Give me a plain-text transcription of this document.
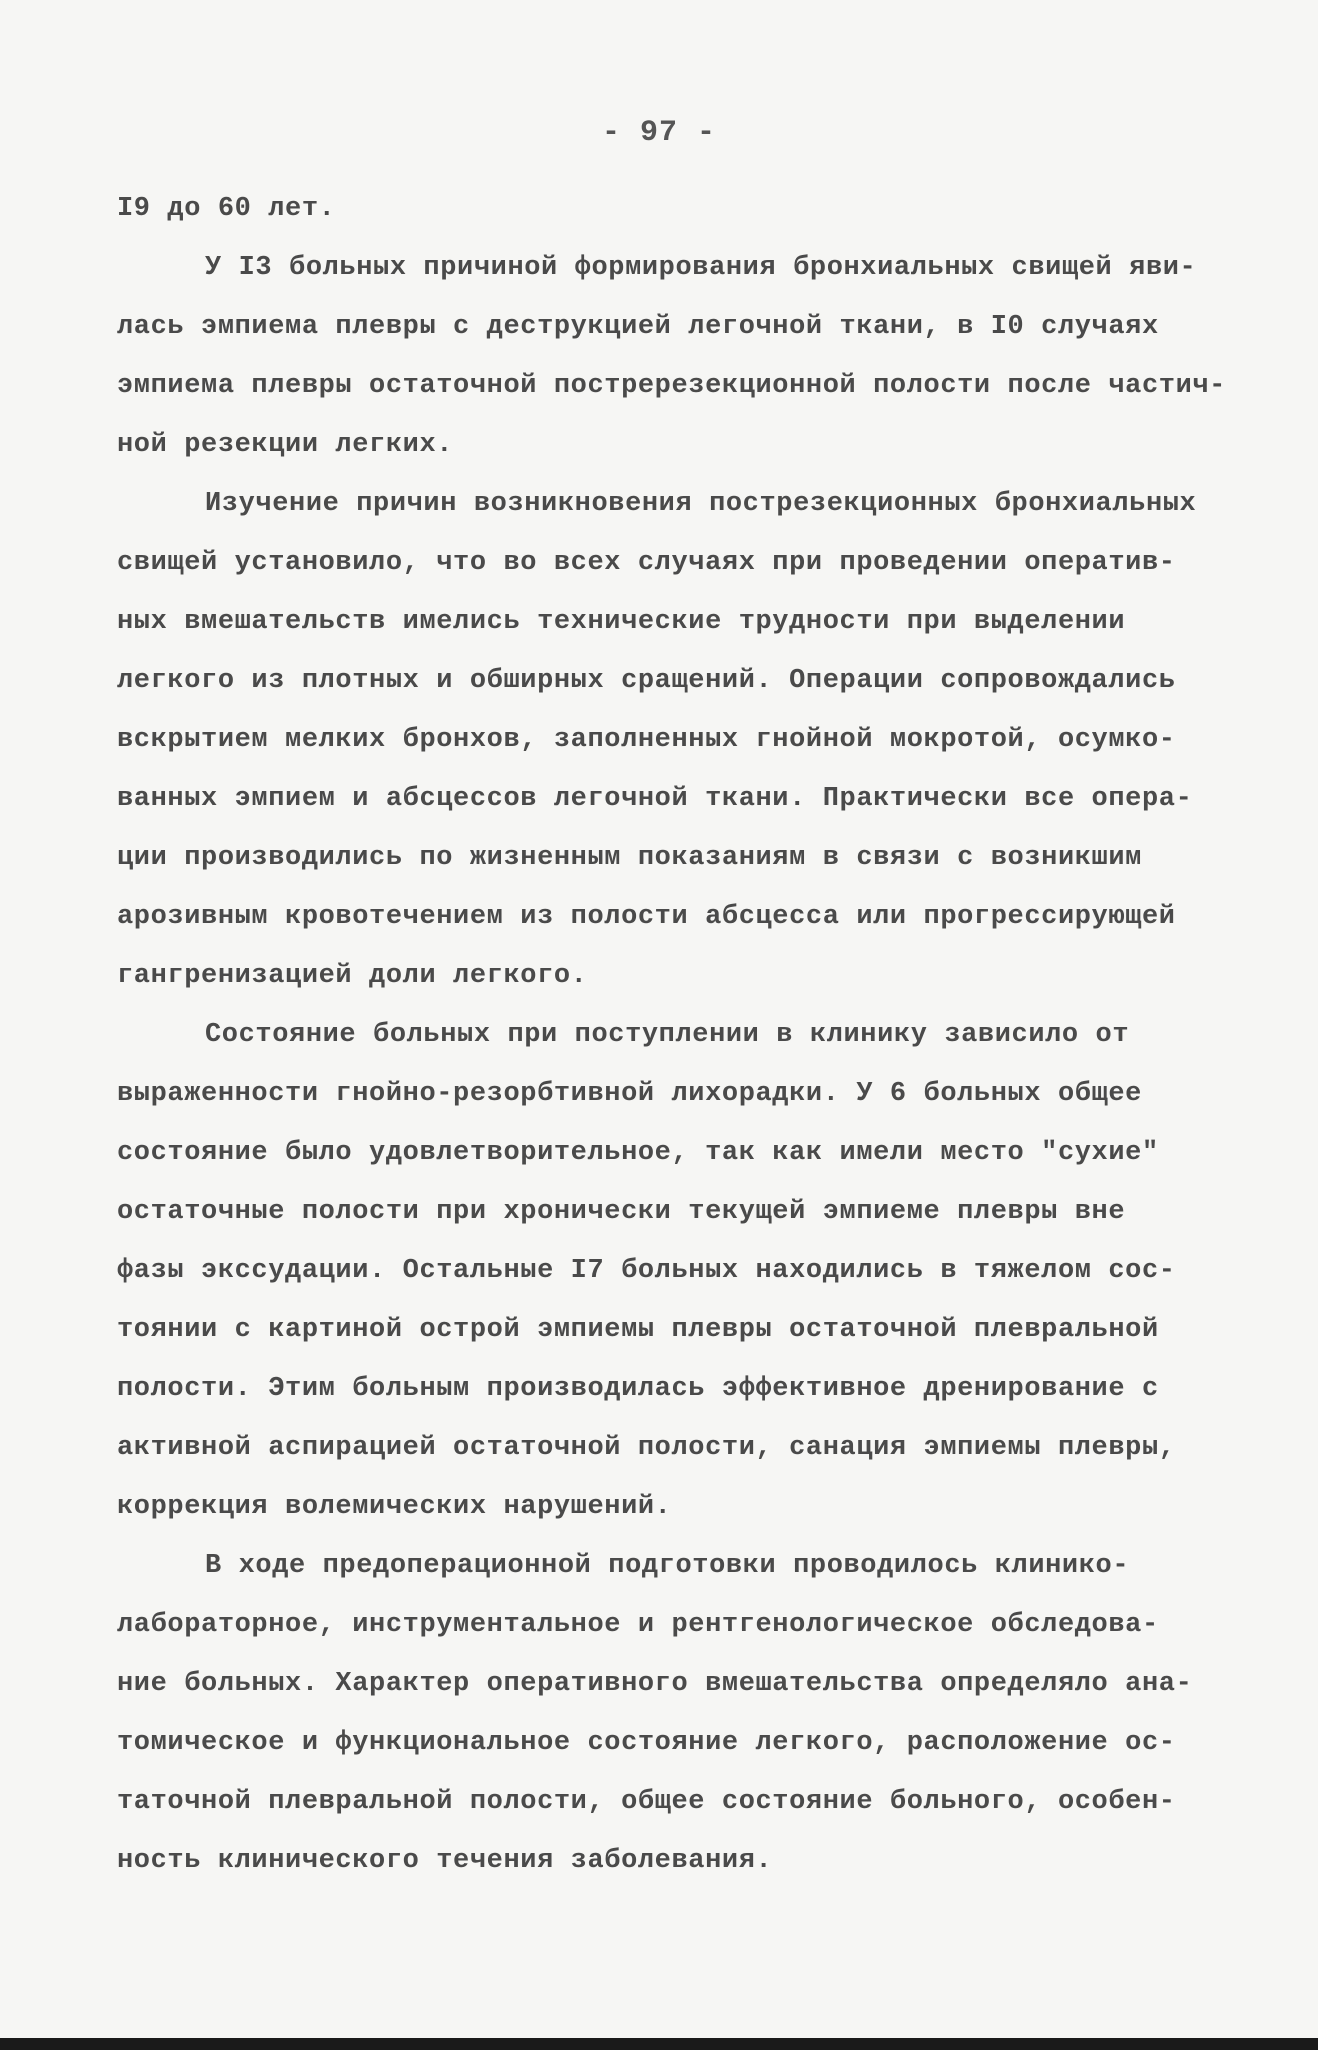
- 97 -
I9 до 60 лет.
У I3 больных причиной формирования бронхиальных свищей яви-
лась эмпиема плевры с деструкцией легочной ткани, в I0 случаях
эмпиема плевры остаточной постререзекционной полости после частич-
ной резекции легких.
Изучение причин возникновения пострезекционных бронхиальных
свищей установило, что во всех случаях при проведении оператив-
ных вмешательств имелись технические трудности при выделении
легкого из плотных и обширных сращений. Операции сопровождались
вскрытием мелких бронхов, заполненных гнойной мокротой, осумко-
ванных эмпием и абсцессов легочной ткани. Практически все опера-
ции производились по жизненным показаниям в связи с возникшим
арозивным кровотечением из полости абсцесса или прогрессирующей
гангренизацией доли легкого.
Состояние больных при поступлении в клинику зависило от
выраженности гнойно-резорбтивной лихорадки. У 6 больных общее
состояние было удовлетворительное, так как имели место "сухие"
остаточные полости при хронически текущей эмпиеме плевры вне
фазы экссудации. Остальные I7 больных находились в тяжелом сос-
тоянии с картиной острой эмпиемы плевры остаточной плевральной
полости. Этим больным производилась эффективное дренирование с
активной аспирацией остаточной полости, санация эмпиемы плевры,
коррекция волемических нарушений.
В ходе предоперационной подготовки проводилось клинико-
лабораторное, инструментальное и рентгенологическое обследова-
ние больных. Характер оперативного вмешательства определяло ана-
томическое и функциональное состояние легкого, расположение ос-
таточной плевральной полости, общее состояние больного, особен-
ность клинического течения заболевания.
